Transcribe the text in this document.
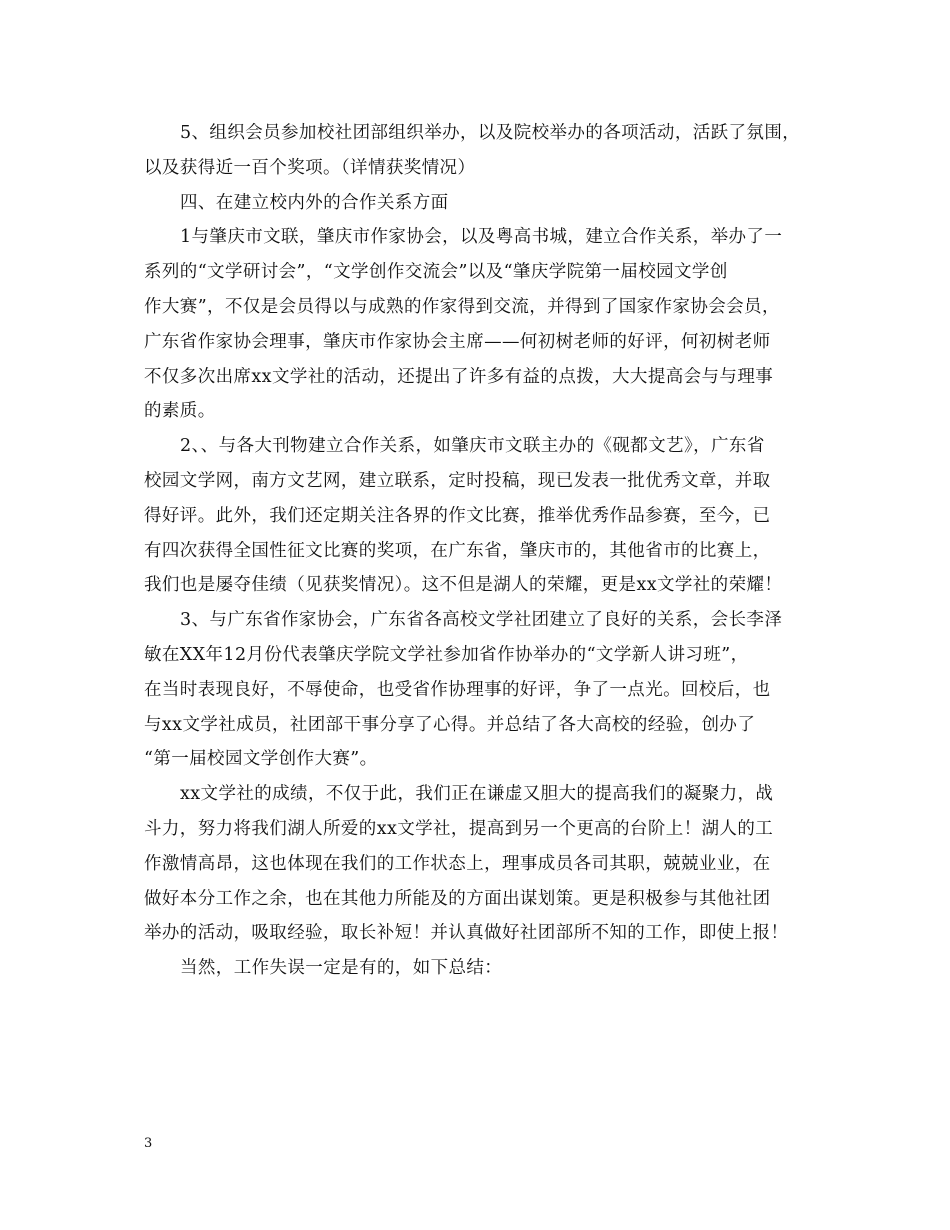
5、组织会员参加校社团部组织举办，以及院校举办的各项活动，活跃了氛围，
以及获得近一百个奖项。（详情获奖情况）
四、在建立校内外的合作关系方面
1与肇庆市文联，肇庆市作家协会，以及粤高书城，建立合作关系，举办了一
系列的“文学研讨会”，“文学创作交流会”以及“肇庆学院第一届校园文学创
作大赛”，不仅是会员得以与成熟的作家得到交流，并得到了国家作家协会会员，
广东省作家协会理事，肇庆市作家协会主席——何初树老师的好评，何初树老师
不仅多次出席xx文学社的活动，还提出了许多有益的点拨，大大提高会与与理事
的素质。
2、、与各大刊物建立合作关系，如肇庆市文联主办的《砚都文艺》，广东省
校园文学网，南方文艺网，建立联系，定时投稿，现已发表一批优秀文章，并取
得好评。此外，我们还定期关注各界的作文比赛，推举优秀作品参赛，至今，已
有四次获得全国性征文比赛的奖项，在广东省，肇庆市的，其他省市的比赛上，
我们也是屡夺佳绩（见获奖情况）。这不但是湖人的荣耀，更是xx文学社的荣耀！
3、与广东省作家协会，广东省各高校文学社团建立了良好的关系，会长李泽
敏在XX年12月份代表肇庆学院文学社参加省作协举办的“文学新人讲习班”，
在当时表现良好，不辱使命，也受省作协理事的好评，争了一点光。回校后，也
与xx文学社成员，社团部干事分享了心得。并总结了各大高校的经验，创办了
“第一届校园文学创作大赛”。
xx文学社的成绩，不仅于此，我们正在谦虚又胆大的提高我们的凝聚力，战
斗力，努力将我们湖人所爱的xx文学社，提高到另一个更高的台阶上！湖人的工
作激情高昂，这也体现在我们的工作状态上，理事成员各司其职，兢兢业业，在
做好本分工作之余，也在其他力所能及的方面出谋划策。更是积极参与其他社团
举办的活动，吸取经验，取长补短！并认真做好社团部所不知的工作，即使上报！
当然，工作失误一定是有的，如下总结：
3
